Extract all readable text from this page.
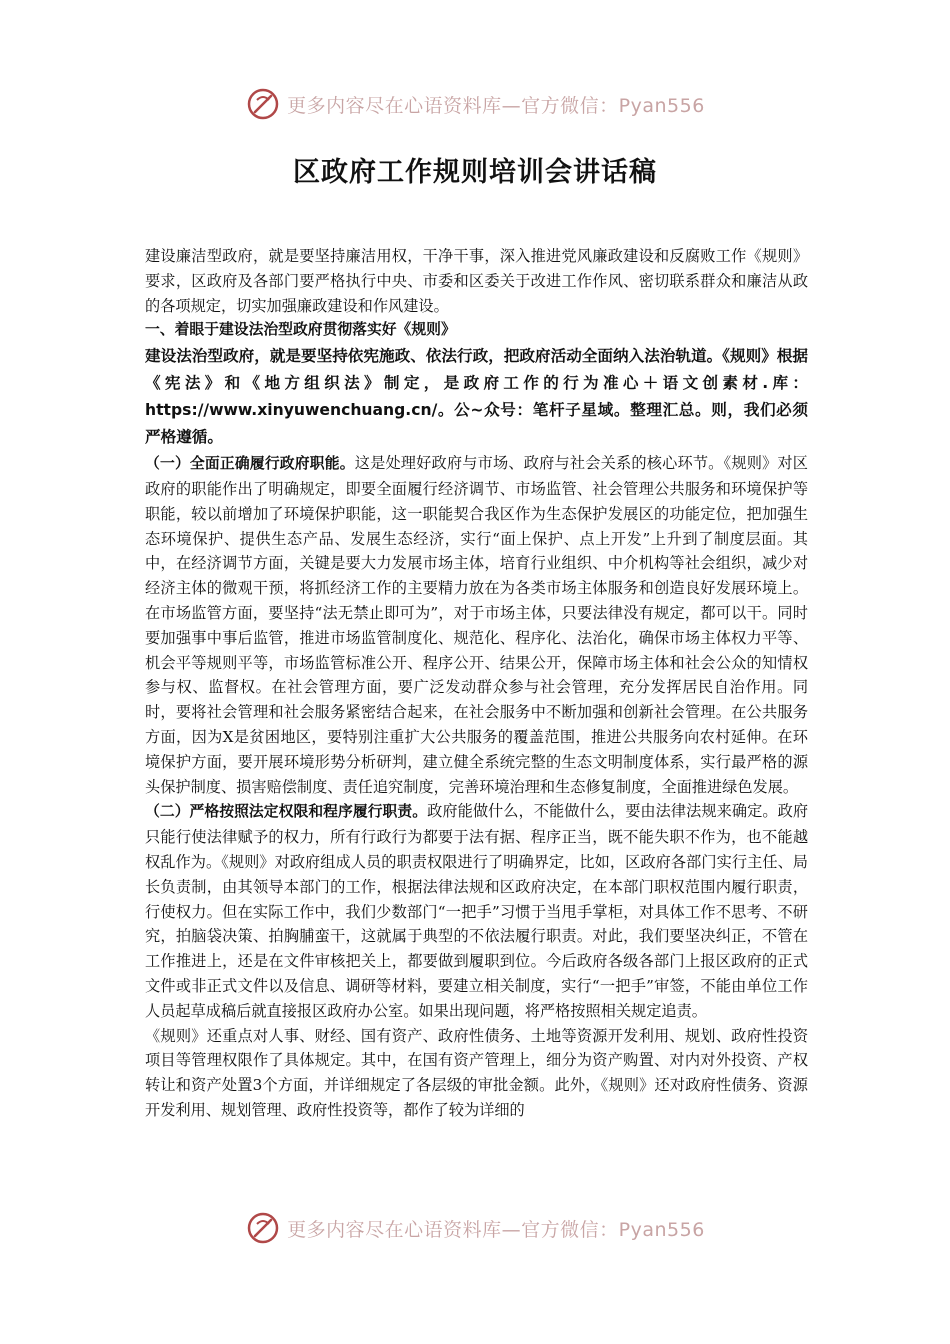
更多内容尽在心语资料库—官方微信：Pyan556
区政府工作规则培训会讲话稿

建设廉洁型政府，就是要坚持廉洁用权，干净干事，深入推进党风廉政建设和反腐败工作《规则》要求，区政府及各部门要严格执行中央、市委和区委关于改进工作作风、密切联系群众和廉洁从政的各项规定，切实加强廉政建设和作风建设。

一、着眼于建设法治型政府贯彻落实好《规则》

建设法治型政府，就是要坚持依宪施政、依法行政，把政府活动全面纳入法治轨道。《规则》根据《宪法》和《地方组织法》制定，是政府工作的行为准心＋语文创素材.库：https://www.xinyuwenchuang.cn/。公~众号：笔杆子星域。整理汇总。则，我们必须严格遵循。

（一）全面正确履行政府职能。这是处理好政府与市场、政府与社会关系的核心环节。《规则》对区政府的职能作出了明确规定，即要全面履行经济调节、市场监管、社会管理公共服务和环境保护等职能，较以前增加了环境保护职能，这一职能契合我区作为生态保护发展区的功能定位，把加强生态环境保护、提供生态产品、发展生态经济，实行“面上保护、点上开发”上升到了制度层面。其中，在经济调节方面，关键是要大力发展市场主体，培育行业组织、中介机构等社会组织，减少对经济主体的微观干预，将抓经济工作的主要精力放在为各类市场主体服务和创造良好发展环境上。在市场监管方面，要坚持“法无禁止即可为”，对于市场主体，只要法律没有规定，都可以干。同时要加强事中事后监管，推进市场监管制度化、规范化、程序化、法治化，确保市场主体权力平等、机会平等规则平等，市场监管标准公开、程序公开、结果公开，保障市场主体和社会公众的知情权参与权、监督权。在社会管理方面，要广泛发动群众参与社会管理，充分发挥居民自治作用。同时，要将社会管理和社会服务紧密结合起来，在社会服务中不断加强和创新社会管理。在公共服务方面，因为X是贫困地区，要特别注重扩大公共服务的覆盖范围，推进公共服务向农村延伸。在环境保护方面，要开展环境形势分析研判，建立健全系统完整的生态文明制度体系，实行最严格的源头保护制度、损害赔偿制度、责任追究制度，完善环境治理和生态修复制度，全面推进绿色发展。

（二）严格按照法定权限和程序履行职责。政府能做什么，不能做什么，要由法律法规来确定。政府只能行使法律赋予的权力，所有行政行为都要于法有据、程序正当，既不能失职不作为，也不能越权乱作为。《规则》对政府组成人员的职责权限进行了明确界定，比如，区政府各部门实行主任、局长负责制，由其领导本部门的工作，根据法律法规和区政府决定，在本部门职权范围内履行职责，行使权力。但在实际工作中，我们少数部门“一把手”习惯于当甩手掌柜，对具体工作不思考、不研究，拍脑袋决策、拍胸脯蛮干，这就属于典型的不依法履行职责。对此，我们要坚决纠正，不管在工作推进上，还是在文件审核把关上，都要做到履职到位。今后政府各级各部门上报区政府的正式文件或非正式文件以及信息、调研等材料，要建立相关制度，实行“一把手”审签，不能由单位工作人员起草成稿后就直接报区政府办公室。如果出现问题，将严格按照相关规定追责。

《规则》还重点对人事、财经、国有资产、政府性债务、土地等资源开发利用、规划、政府性投资项目等管理权限作了具体规定。其中，在国有资产管理上，细分为资产购置、对内对外投资、产权转让和资产处置3个方面，并详细规定了各层级的审批金额。此外，《规则》还对政府性债务、资源开发利用、规划管理、政府性投资等，都作了较为详细的

更多内容尽在心语资料库—官方微信：Pyan556
